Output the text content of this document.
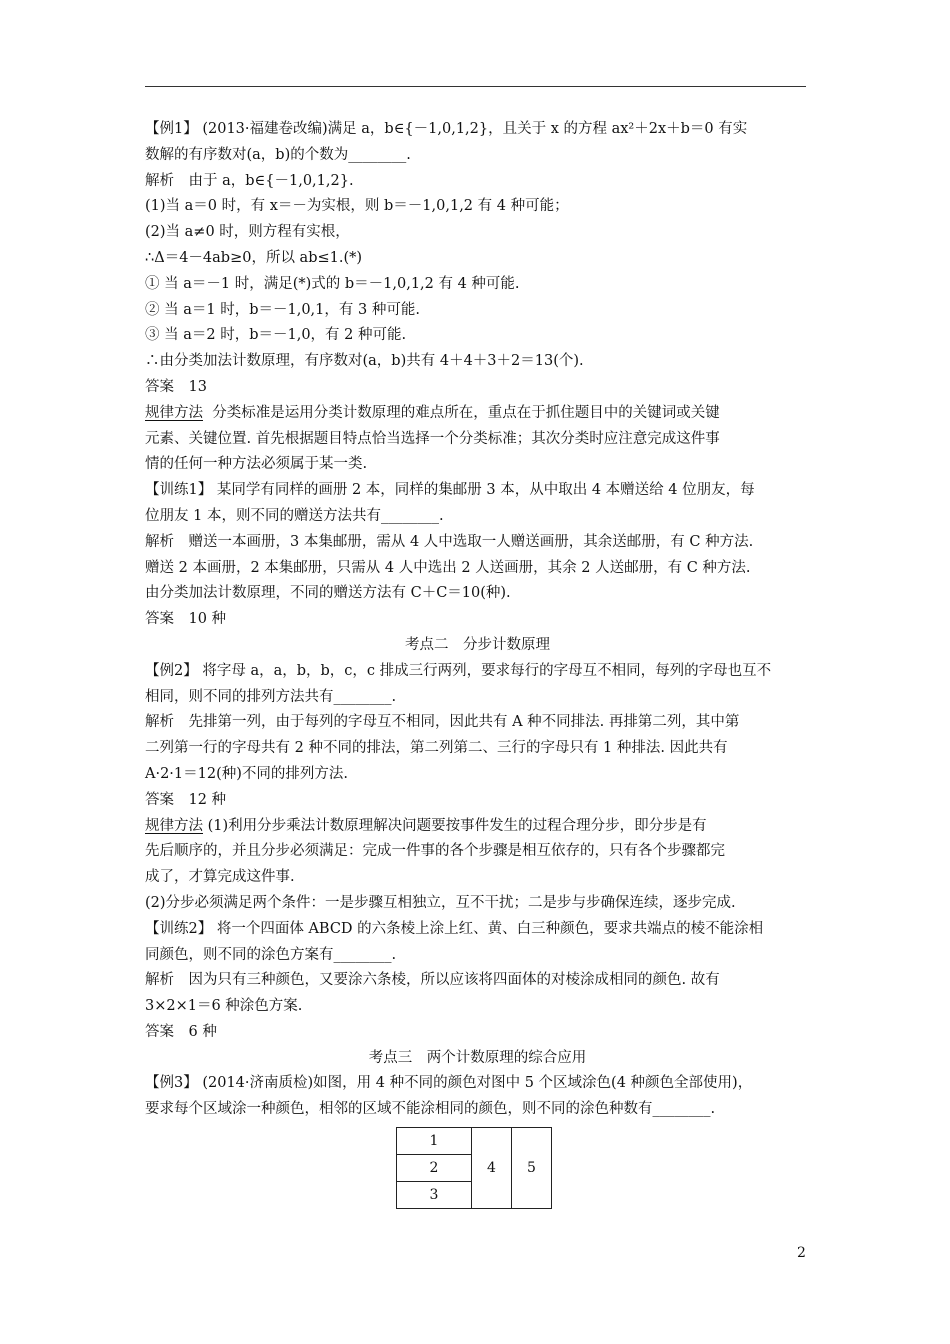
【例1】 (2013·福建卷改编)满足 a，b∈{－1,0,1,2}，且关于 x 的方程 ax²＋2x＋b＝0 有实
数解的有序数对(a，b)的个数为________.
解析　由于 a，b∈{－1,0,1,2}.
(1)当 a＝0 时，有 x＝－为实根，则 b＝－1,0,1,2 有 4 种可能；
(2)当 a≠0 时，则方程有实根，
∴Δ＝4－4ab≥0，所以 ab≤1.(*)
① 当 a＝－1 时，满足(*)式的 b＝－1,0,1,2 有 4 种可能.
② 当 a＝1 时，b＝－1,0,1，有 3 种可能.
③ 当 a＝2 时，b＝－1,0，有 2 种可能.
∴由分类加法计数原理，有序数对(a，b)共有 4＋4＋3＋2＝13(个).
答案　13
规律方法 分类标准是运用分类计数原理的难点所在，重点在于抓住题目中的关键词或关键
元素、关键位置. 首先根据题目特点恰当选择一个分类标准；其次分类时应注意完成这件事
情的任何一种方法必须属于某一类.
【训练1】 某同学有同样的画册 2 本，同样的集邮册 3 本，从中取出 4 本赠送给 4 位朋友，每
位朋友 1 本，则不同的赠送方法共有________.
解析　赠送一本画册，3 本集邮册，需从 4 人中选取一人赠送画册，其余送邮册，有 C 种方法.
赠送 2 本画册，2 本集邮册，只需从 4 人中选出 2 人送画册，其余 2 人送邮册，有 C 种方法.
由分类加法计数原理，不同的赠送方法有 C＋C＝10(种).
答案　10 种
考点二　分步计数原理
【例2】 将字母 a，a，b，b，c，c 排成三行两列，要求每行的字母互不相同，每列的字母也互不
相同，则不同的排列方法共有________.
解析　先排第一列，由于每列的字母互不相同，因此共有 A 种不同排法. 再排第二列，其中第
二列第一行的字母共有 2 种不同的排法，第二列第二、三行的字母只有 1 种排法. 因此共有
A·2·1＝12(种)不同的排列方法.
答案　12 种
规律方法 (1)利用分步乘法计数原理解决问题要按事件发生的过程合理分步，即分步是有
先后顺序的，并且分步必须满足：完成一件事的各个步骤是相互依存的，只有各个步骤都完
成了，才算完成这件事.
(2)分步必须满足两个条件：一是步骤互相独立，互不干扰；二是步与步确保连续，逐步完成.
【训练2】 将一个四面体 ABCD 的六条棱上涂上红、黄、白三种颜色，要求共端点的棱不能涂相
同颜色，则不同的涂色方案有________.
解析　因为只有三种颜色，又要涂六条棱，所以应该将四面体的对棱涂成相同的颜色. 故有
3×2×1＝6 种涂色方案.
答案　6 种
考点三　两个计数原理的综合应用
【例3】 (2014·济南质检)如图，用 4 种不同的颜色对图中 5 个区域涂色(4 种颜色全部使用)，
要求每个区域涂一种颜色，相邻的区域不能涂相同的颜色，则不同的涂色种数有________.
1	4	5
2
3
2
